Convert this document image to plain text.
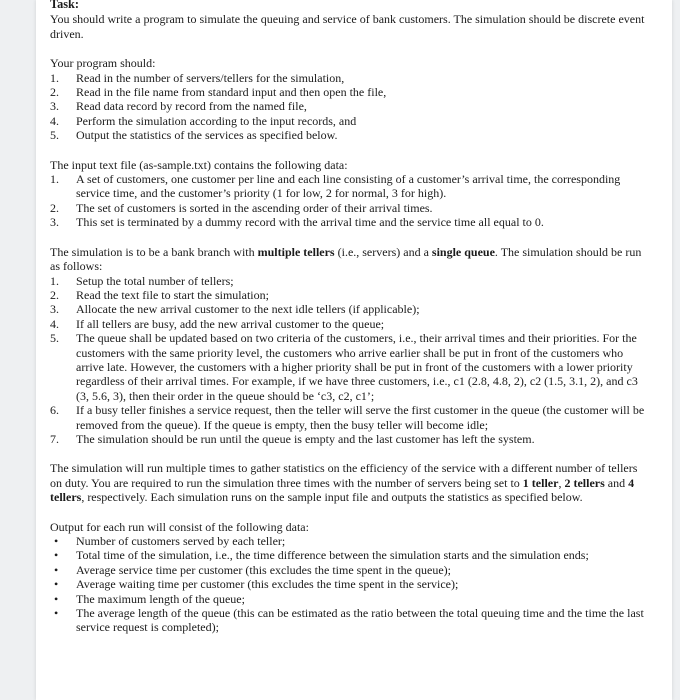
Task:

You should write a program to simulate the queuing and service of bank customers. The simulation should be discrete event driven.

Your program should:

1.	Read in the number of servers/tellers for the simulation,
2.	Read in the file name from standard input and then open the file,
3.	Read data record by record from the named file,
4.	Perform the simulation according to the input records, and
5.	Output the statistics of the services as specified below.

The input text file (as-sample.txt) contains the following data:

1.	A set of customers, one customer per line and each line consisting of a customer’s arrival time, the corresponding service time, and the customer’s priority (1 for low, 2 for normal, 3 for high).
2.	The set of customers is sorted in the ascending order of their arrival times.
3.	This set is terminated by a dummy record with the arrival time and the service time all equal to 0.

The simulation is to be a bank branch with multiple tellers (i.e., servers) and a single queue. The simulation should be run as follows:

1.	Setup the total number of tellers;
2.	Read the text file to start the simulation;
3.	Allocate the new arrival customer to the next idle tellers (if applicable);
4.	If all tellers are busy, add the new arrival customer to the queue;
5.	The queue shall be updated based on two criteria of the customers, i.e., their arrival times and their priorities. For the customers with the same priority level, the customers who arrive earlier shall be put in front of the customers who arrive late. However, the customers with a higher priority shall be put in front of the customers with a lower priority regardless of their arrival times. For example, if we have three customers, i.e., c1 (2.8, 4.8, 2), c2 (1.5, 3.1, 2), and c3 (3, 5.6, 3), then their order in the queue should be ‘c3, c2, c1’;
6.	If a busy teller finishes a service request, then the teller will serve the first customer in the queue (the customer will be removed from the queue). If the queue is empty, then the busy teller will become idle;
7.	The simulation should be run until the queue is empty and the last customer has left the system.

The simulation will run multiple times to gather statistics on the efficiency of the service with a different number of tellers on duty. You are required to run the simulation three times with the number of servers being set to 1 teller, 2 tellers and 4 tellers, respectively. Each simulation runs on the sample input file and outputs the statistics as specified below.

Output for each run will consist of the following data:

• Number of customers served by each teller;
• Total time of the simulation, i.e., the time difference between the simulation starts and the simulation ends;
• Average service time per customer (this excludes the time spent in the queue);
• Average waiting time per customer (this excludes the time spent in the service);
• The maximum length of the queue;
• The average length of the queue (this can be estimated as the ratio between the total queuing time and the time the last service request is completed);
